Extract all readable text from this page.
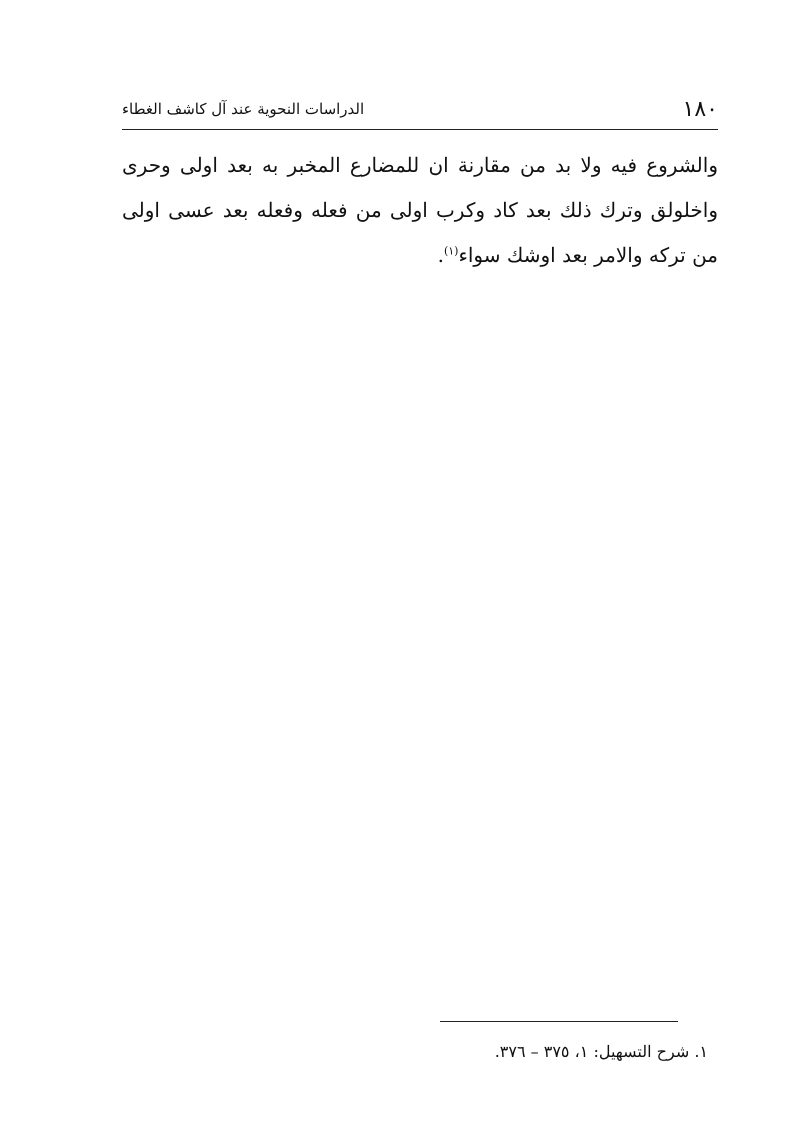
١٨٠
الدراسات النحوية عند آل كاشف الغطاء

والشروع فيه ولا بد من مقارنة ان للمضارع المخبر به بعد اولى وحرى واخلولق وترك ذلك بعد كاد وكرب اولى من فعله وفعله بعد عسى اولى من تركه والامر بعد اوشك سواء$^{(١)}$.

١. شرح التسهيل: ١، ٣٧٥ – ٣٧٦.
